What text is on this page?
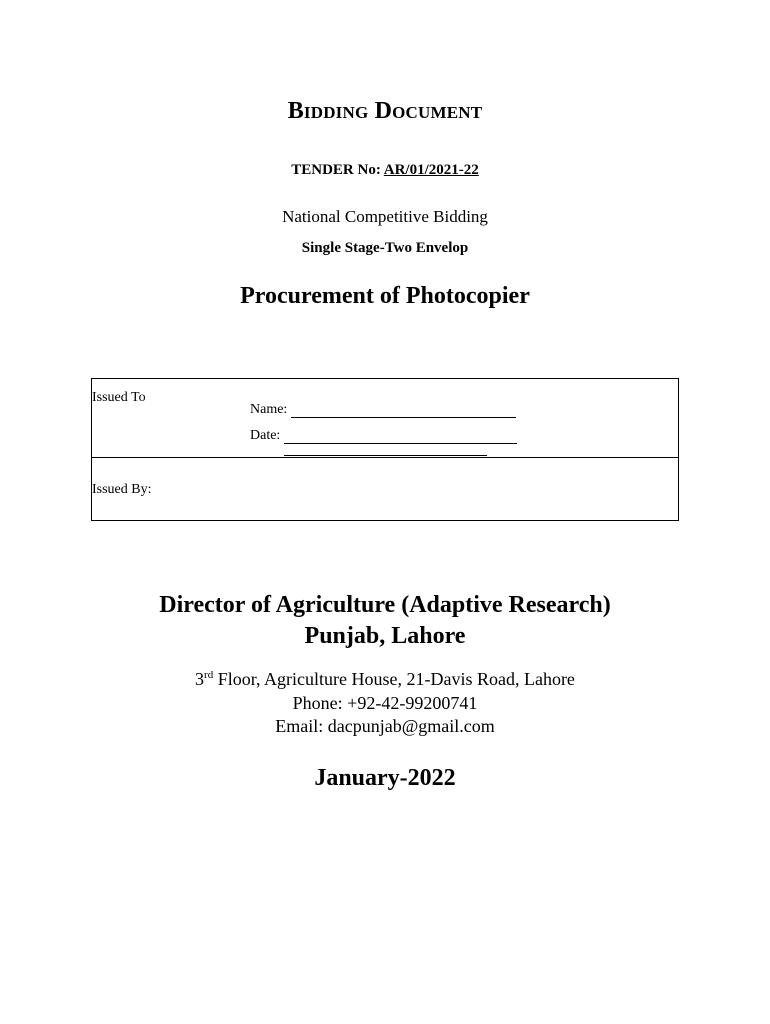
Bidding Document
TENDER No: AR/01/2021-22
National Competitive Bidding
Single Stage-Two Envelop
Procurement of Photocopier
Issued To
Name:
Date:
Issued By:
Director of Agriculture (Adaptive Research)
Punjab, Lahore
3rd Floor, Agriculture House, 21-Davis Road, Lahore
Phone: +92-42-99200741
Email: dacpunjab@gmail.com
January-2022
